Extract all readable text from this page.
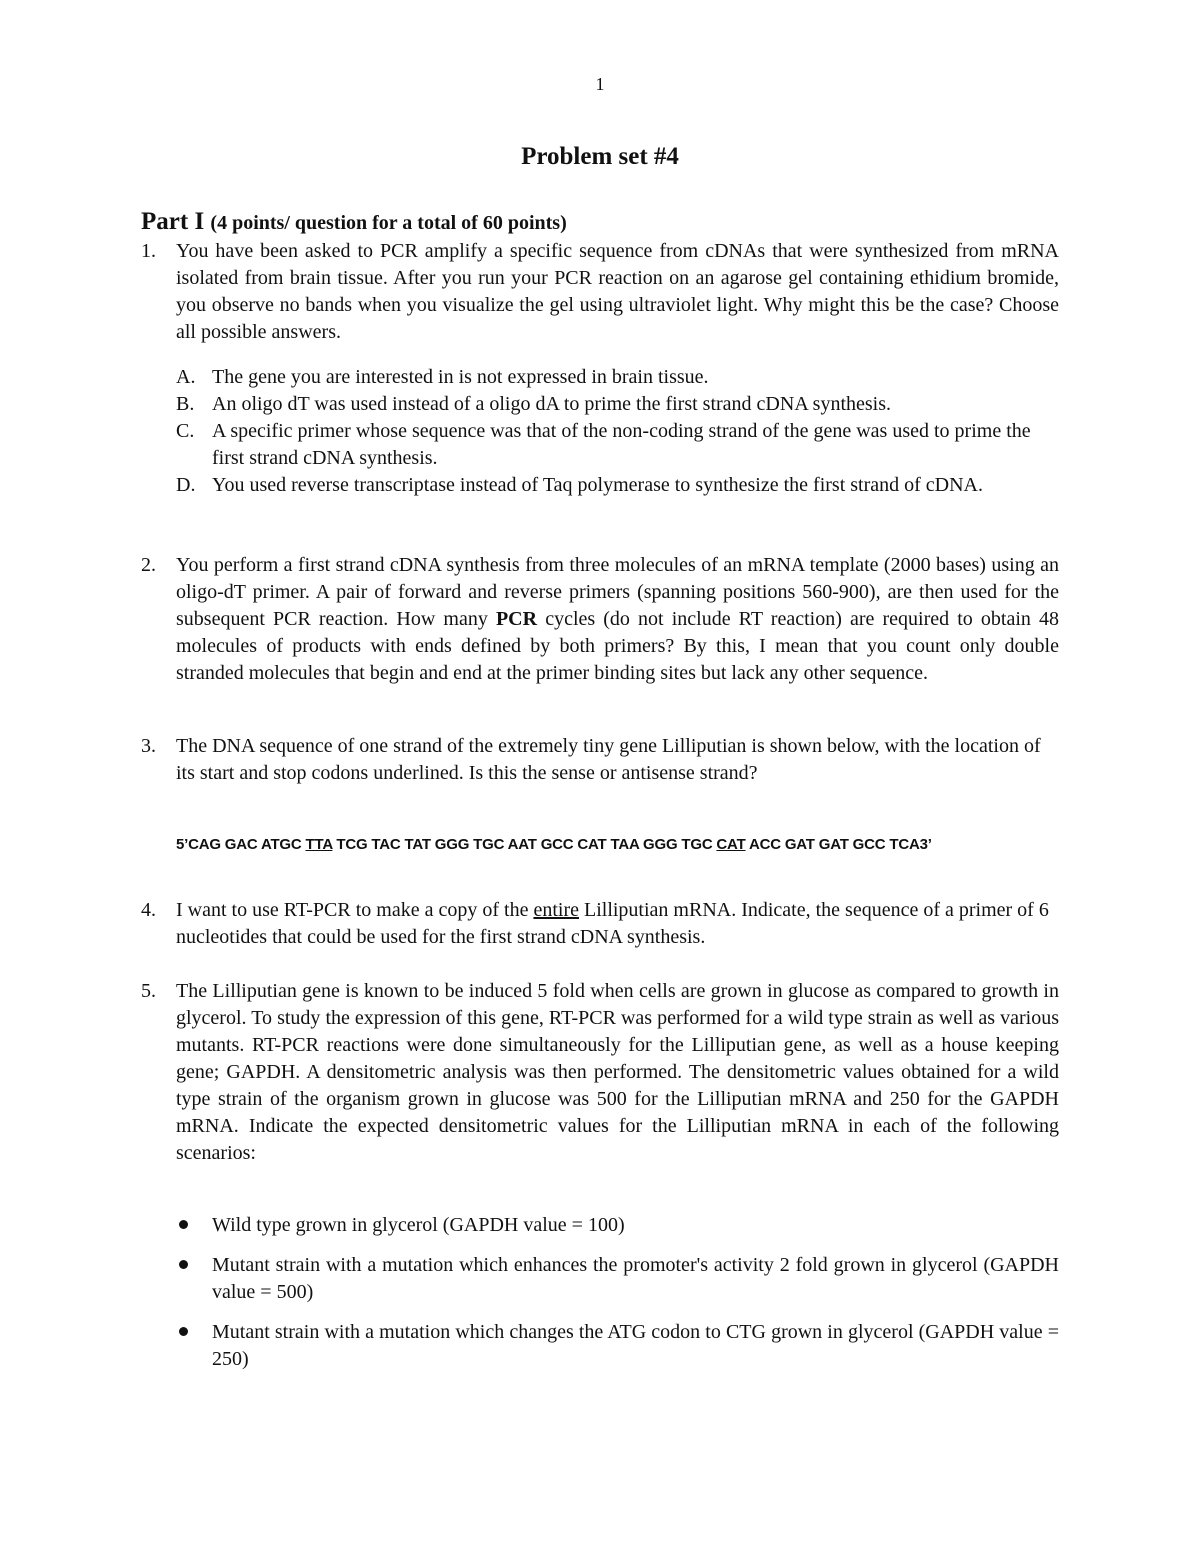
1
Problem set #4
Part I (4 points/ question for a total of 60 points)
1. You have been asked to PCR amplify a specific sequence from cDNAs that were synthesized from mRNA isolated from brain tissue. After you run your PCR reaction on an agarose gel containing ethidium bromide, you observe no bands when you visualize the gel using ultraviolet light. Why might this be the case? Choose all possible answers.
A. The gene you are interested in is not expressed in brain tissue.
B. An oligo dT was used instead of a oligo dA to prime the first strand cDNA synthesis.
C. A specific primer whose sequence was that of the non-coding strand of the gene was used to prime the first strand cDNA synthesis.
D. You used reverse transcriptase instead of Taq polymerase to synthesize the first strand of cDNA.
2. You perform a first strand cDNA synthesis from three molecules of an mRNA template (2000 bases) using an oligo-dT primer. A pair of forward and reverse primers (spanning positions 560-900), are then used for the subsequent PCR reaction. How many PCR cycles (do not include RT reaction) are required to obtain 48 molecules of products with ends defined by both primers? By this, I mean that you count only double stranded molecules that begin and end at the primer binding sites but lack any other sequence.
3. The DNA sequence of one strand of the extremely tiny gene Lilliputian is shown below, with the location of its start and stop codons underlined. Is this the sense or antisense strand?
5’CAG GAC ATGC TTA TCG TAC TAT GGG TGC AAT GCC CAT TAA GGG TGC CAT ACC GAT GAT GCC TCA3’
4. I want to use RT-PCR to make a copy of the entire Lilliputian mRNA. Indicate, the sequence of a primer of 6 nucleotides that could be used for the first strand cDNA synthesis.
5. The Lilliputian gene is known to be induced 5 fold when cells are grown in glucose as compared to growth in glycerol. To study the expression of this gene, RT-PCR was performed for a wild type strain as well as various mutants. RT-PCR reactions were done simultaneously for the Lilliputian gene, as well as a house keeping gene; GAPDH. A densitometric analysis was then performed. The densitometric values obtained for a wild type strain of the organism grown in glucose was 500 for the Lilliputian mRNA and 250 for the GAPDH mRNA. Indicate the expected densitometric values for the Lilliputian mRNA in each of the following scenarios:
Wild type grown in glycerol (GAPDH value = 100)
Mutant strain with a mutation which enhances the promoter's activity 2 fold grown in glycerol (GAPDH value = 500)
Mutant strain with a mutation which changes the ATG codon to CTG grown in glycerol (GAPDH value = 250)
